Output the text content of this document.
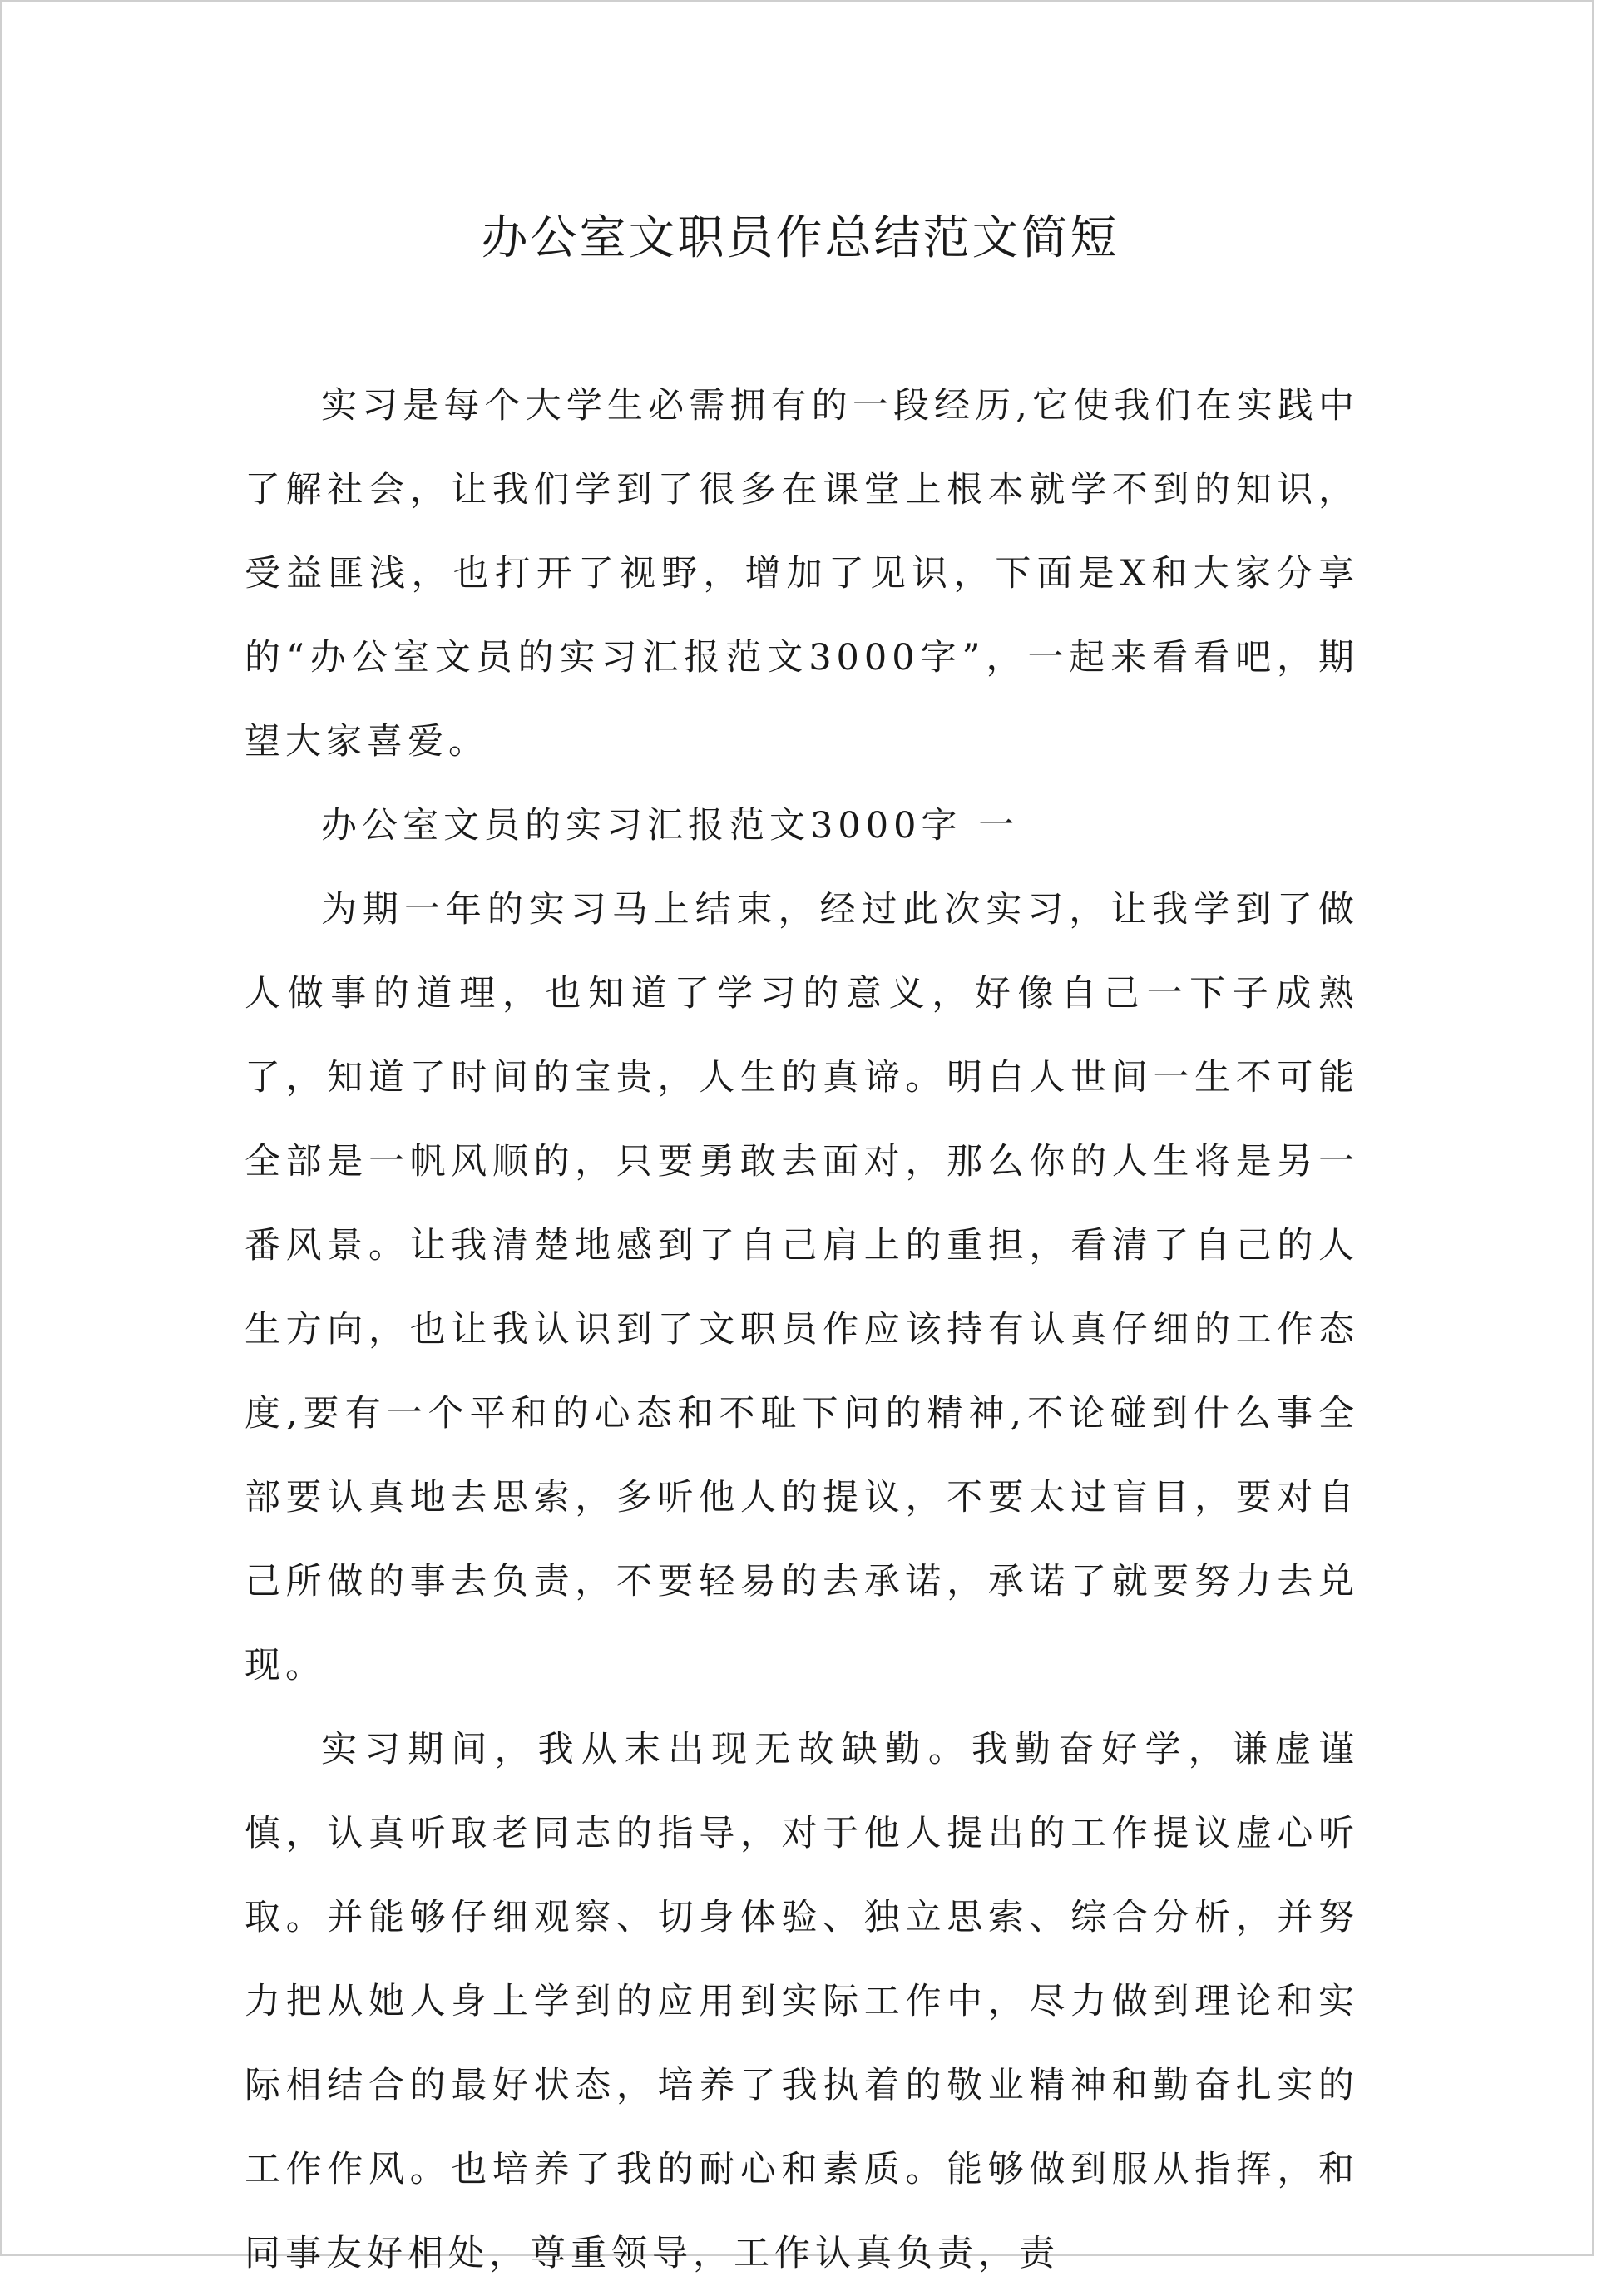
办公室文职员作总结范文简短

实习是每个大学生必需拥有的一段经历,它使我们在实践中了解社会，让我们学到了很多在课堂上根本就学不到的知识，受益匪浅，也打开了视野，增加了见识，下面是X和大家分享的“办公室文员的实习汇报范文3000字”，一起来看看吧，期望大家喜爱。

办公室文员的实习汇报范文3000字 一

为期一年的实习马上结束，经过此次实习，让我学到了做人做事的道理，也知道了学习的意义，好像自己一下子成熟了，知道了时间的宝贵，人生的真谛。明白人世间一生不可能全部是一帆风顺的，只要勇敢去面对，那么你的人生将是另一番风景。让我清楚地感到了自己肩上的重担，看清了自己的人生方向，也让我认识到了文职员作应该持有认真仔细的工作态度,要有一个平和的心态和不耻下问的精神,不论碰到什么事全部要认真地去思索，多听他人的提议，不要太过盲目，要对自己所做的事去负责，不要轻易的去承诺，承诺了就要努力去兑现。

实习期间，我从末出现无故缺勤。我勤奋好学，谦虚谨慎，认真听取老同志的指导，对于他人提出的工作提议虚心听取。并能够仔细观察、切身体验、独立思索、综合分析，并努力把从她人身上学到的应用到实际工作中，尽力做到理论和实际相结合的最好状态，培养了我执着的敬业精神和勤奋扎实的工作作风。也培养了我的耐心和素质。能够做到服从指挥，和同事友好相处，尊重领导，工作认真负责，责
